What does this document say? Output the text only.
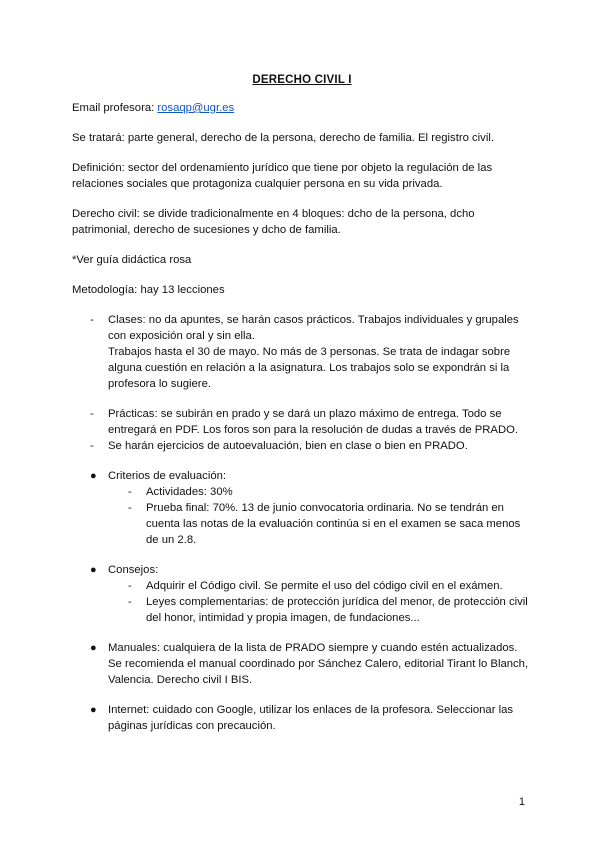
DERECHO CIVIL I

Email profesora: rosaqp@ugr.es

Se tratará: parte general, derecho de la persona, derecho de familia. El registro civil.

Definición: sector del ordenamiento jurídico que tiene por objeto la regulación de las relaciones sociales que protagoniza cualquier persona en su vida privada.

Derecho civil: se divide tradicionalmente en 4 bloques: dcho de la persona, dcho patrimonial, derecho de sucesiones y dcho de familia.

*Ver guía didáctica rosa

Metodología: hay 13 lecciones

- Clases: no da apuntes, se harán casos prácticos. Trabajos individuales y grupales con exposición oral y sin ella.
Trabajos hasta el 30 de mayo. No más de 3 personas. Se trata de indagar sobre alguna cuestión en relación a la asignatura. Los trabajos solo se expondrán si la profesora lo sugiere.
- Prácticas: se subirán en prado y se dará un plazo máximo de entrega. Todo se entregará en PDF. Los foros son para la resolución de dudas a través de PRADO.
- Se harán ejercicios de autoevaluación, bien en clase o bien en PRADO.
● Criterios de evaluación:
- Actividades: 30%
- Prueba final: 70%. 13 de junio convocatoria ordinaria. No se tendrán en cuenta las notas de la evaluación continúa si en el examen se saca menos de un 2.8.
● Consejos:
- Adquirir el Código civil. Se permite el uso del código civil en el exámen.
- Leyes complementarias: de protección jurídica del menor, de protección civil del honor, intimidad y propia imagen, de fundaciones...
● Manuales: cualquiera de la lista de PRADO siempre y cuando estén actualizados. Se recomienda el manual coordinado por Sánchez Calero, editorial Tirant lo Blanch, Valencia. Derecho civil I BIS.
● Internet: cuidado con Google, utilizar los enlaces de la profesora. Seleccionar las páginas jurídicas con precaución.
1
